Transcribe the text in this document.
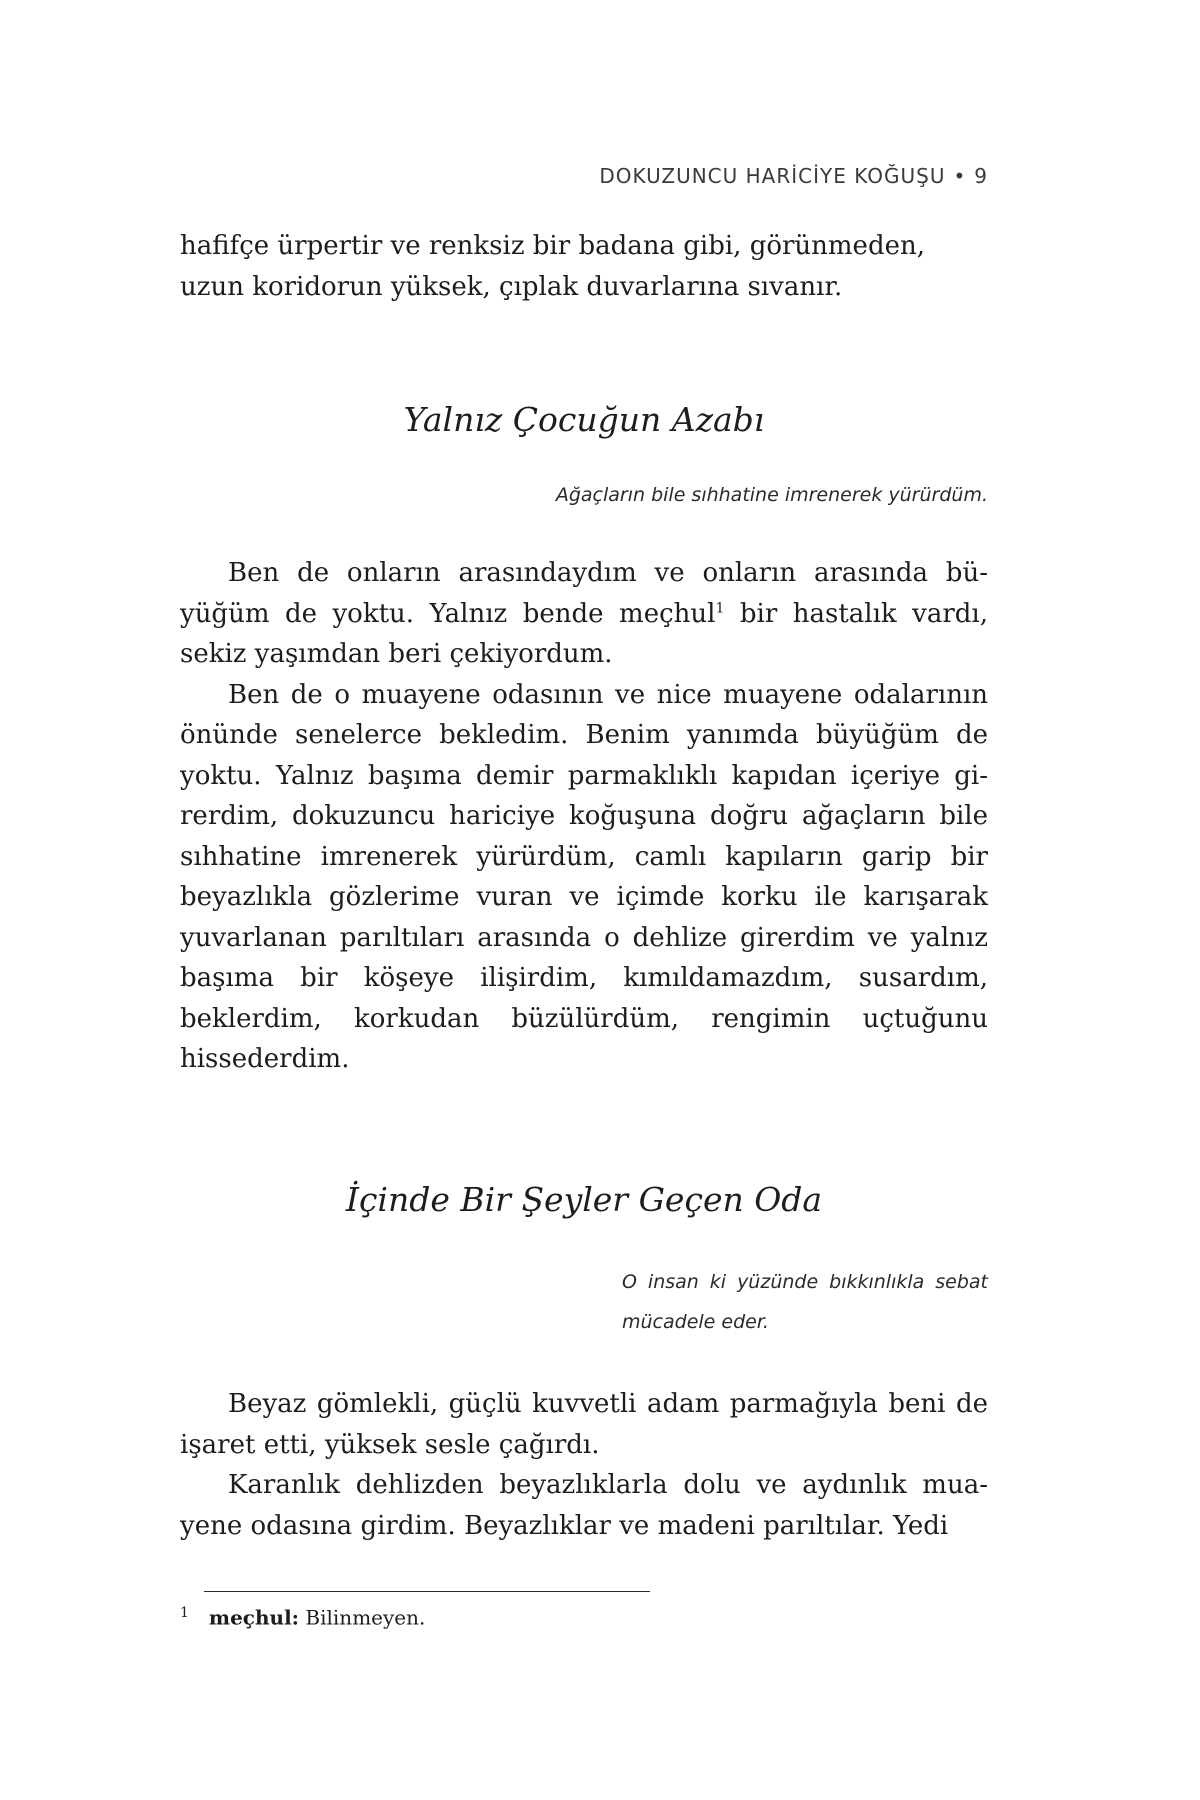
DOKUZUNCU HARİCİYE KOĞUŞU • 9

hafifçe ürpertir ve renksiz bir badana gibi, görünmeden,

uzun koridorun yüksek, çıplak duvarlarına sıvanır.

Yalnız Çocuğun Azabı
Ağaçların bile sıhhatine imrenerek yürürdüm.

Ben de onların arasındaydım ve onların arasında büyüğüm de yoktu. Yalnız bende meçhul$^1$ bir hastalık vardı, sekiz yaşımdan beri çekiyordum.

Ben de o muayene odasının ve nice muayene odalarının önünde senelerce bekledim. Benim yanımda büyüğüm de yoktu. Yalnız başıma demir parmaklıklı kapıdan içeriye girerdim, dokuzuncu hariciye koğuşuna doğru ağaçların bile sıhhatine imrenerek yürürdüm, camlı kapıların garip bir beyazlıkla gözlerime vuran ve içimde korku ile karışarak yuvarlanan parıltıları arasında o dehlize girerdim ve yalnız başıma bir köşeye ilişirdim, kımıldamazdım, susardım, beklerdim, korkudan büzülürdüm, rengimin uçtuğunu hissederdim.

İçinde Bir Şeyler Geçen Oda
O insan ki yüzünde bıkkınlıkla sebat mücadele eder.

Beyaz gömlekli, güçlü kuvvetli adam parmağıyla beni de işaret etti, yüksek sesle çağırdı.

Karanlık dehlizden beyazlıklarla dolu ve aydınlık muayene odasına girdim. Beyazlıklar ve madeni parıltılar. Yedi

$^1$ meçhul: Bilinmeyen.
